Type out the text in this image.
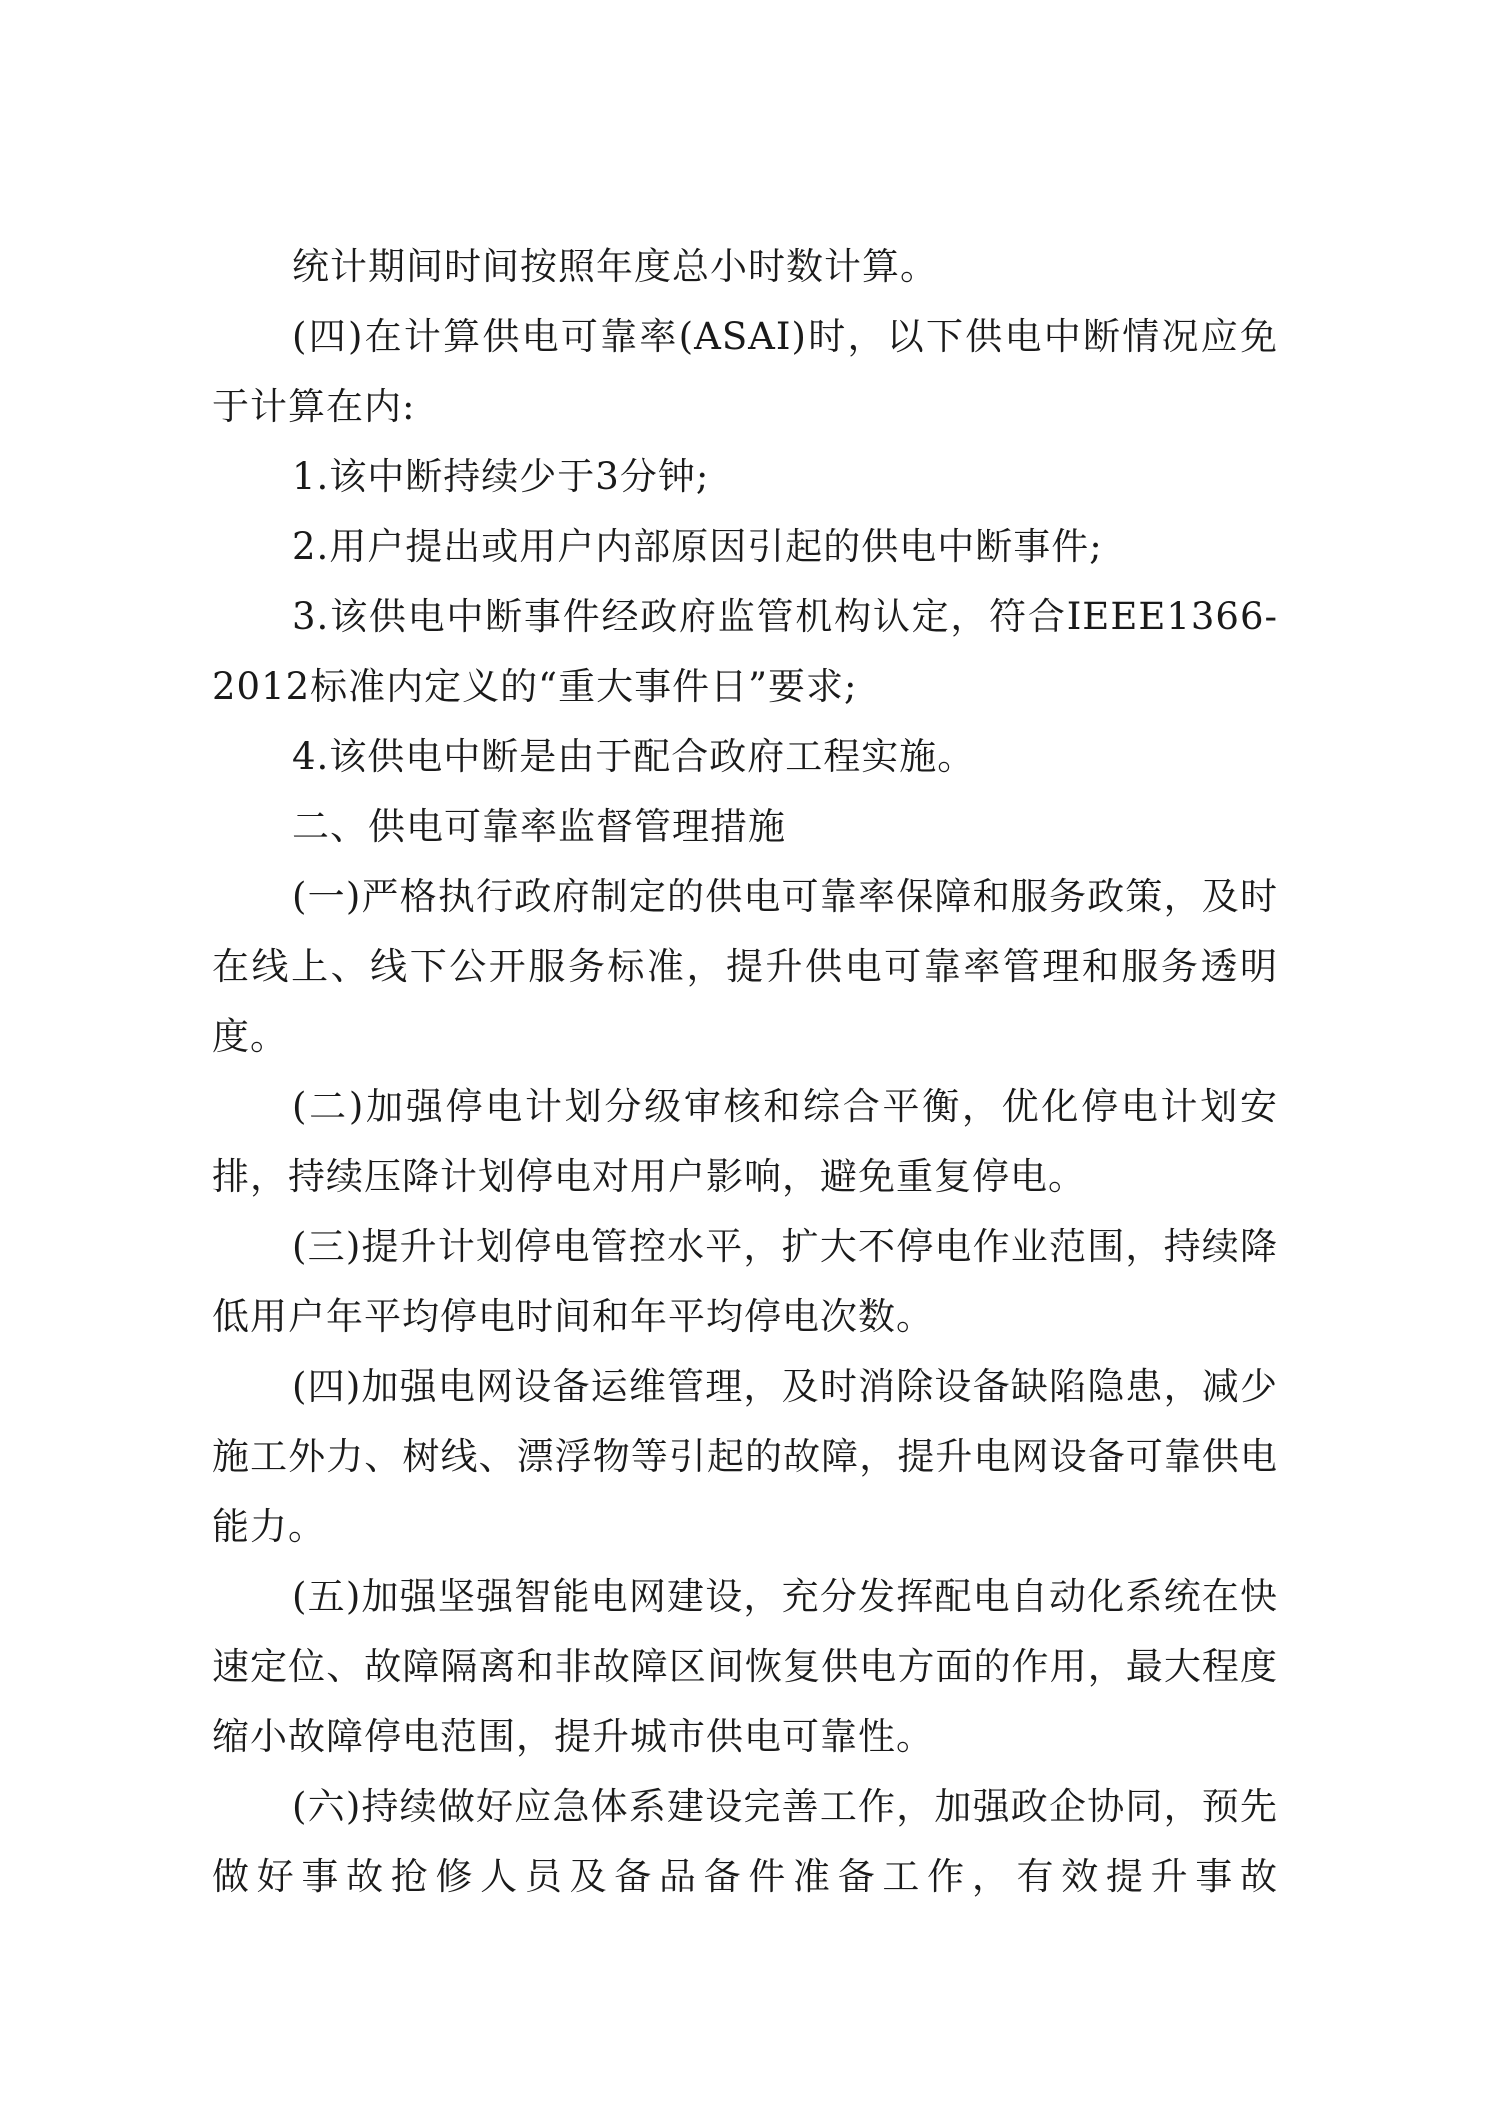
统计期间时间按照年度总小时数计算。

(四)在计算供电可靠率(ASAI)时，以下供电中断情况应免于计算在内:

1.该中断持续少于3分钟;

2.用户提出或用户内部原因引起的供电中断事件;

3.该供电中断事件经政府监管机构认定，符合IEEE1366-2012标准内定义的“重大事件日”要求;

4.该供电中断是由于配合政府工程实施。

二、供电可靠率监督管理措施

(一)严格执行政府制定的供电可靠率保障和服务政策，及时在线上、线下公开服务标准，提升供电可靠率管理和服务透明度。

(二)加强停电计划分级审核和综合平衡，优化停电计划安排，持续压降计划停电对用户影响，避免重复停电。

(三)提升计划停电管控水平，扩大不停电作业范围，持续降低用户年平均停电时间和年平均停电次数。

(四)加强电网设备运维管理，及时消除设备缺陷隐患，减少施工外力、树线、漂浮物等引起的故障，提升电网设备可靠供电能力。

(五)加强坚强智能电网建设，充分发挥配电自动化系统在快速定位、故障隔离和非故障区间恢复供电方面的作用，最大程度缩小故障停电范围，提升城市供电可靠性。

(六)持续做好应急体系建设完善工作，加强政企协同，预先做好事故抢修人员及备品备件准备工作，有效提升事故
